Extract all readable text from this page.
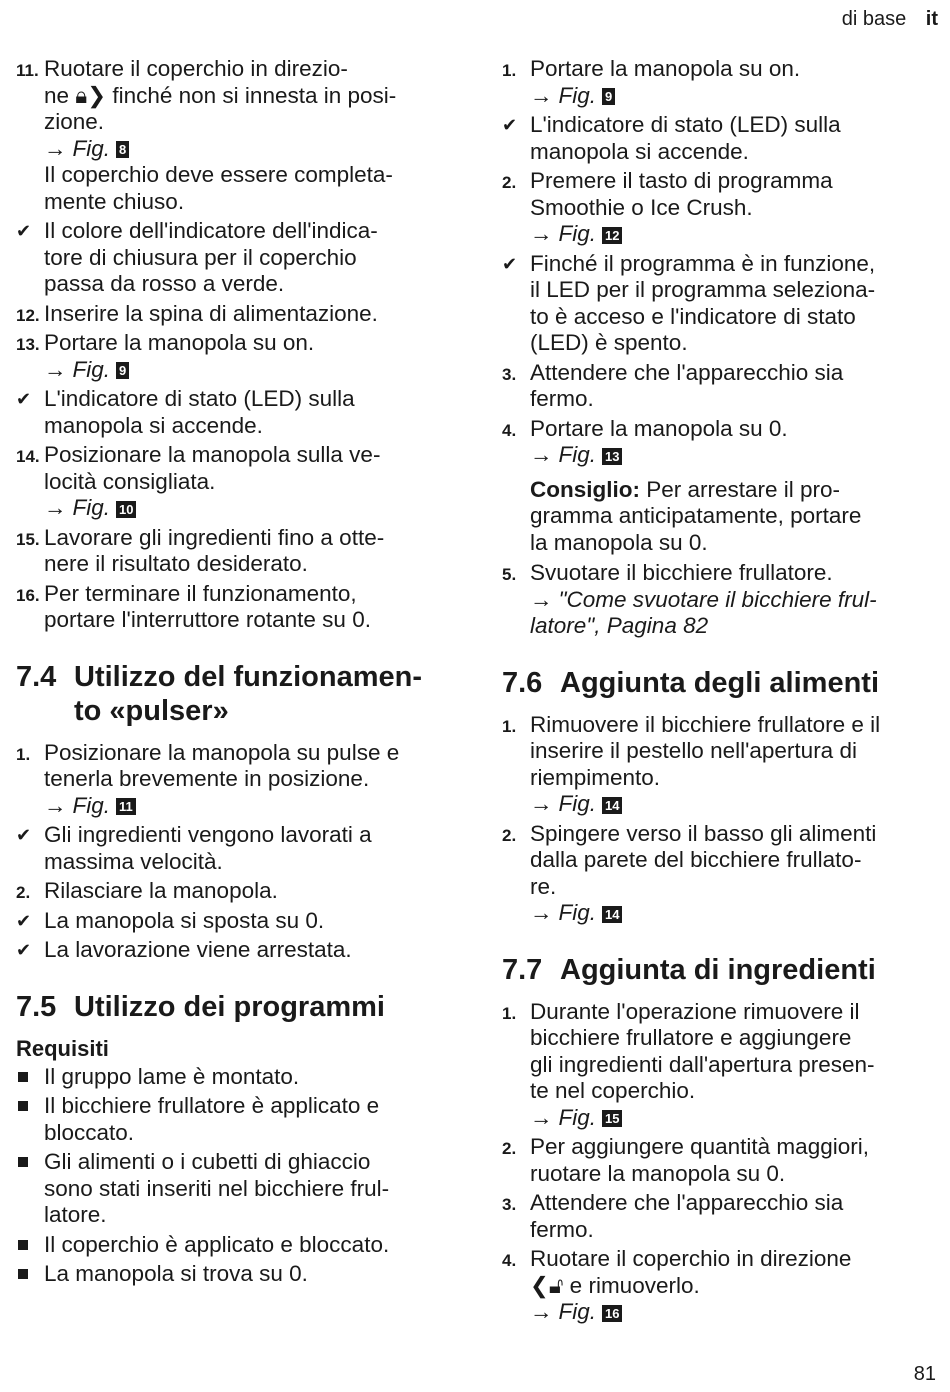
di base it
11. Ruotare il coperchio in direzio-
ne 🔒︎❯ finché non si innesta in posi-
zione.
→ Fig. 8
Il coperchio deve essere completa-
mente chiuso.
✔ Il colore dell'indicatore dell'indica-
tore di chiusura per il coperchio
passa da rosso a verde.
12. Inserire la spina di alimentazione.
13. Portare la manopola su on.
→ Fig. 9
✔ L'indicatore di stato (LED) sulla
manopola si accende.
14. Posizionare la manopola sulla ve-
locità consigliata.
→ Fig. 10
15. Lavorare gli ingredienti fino a otte-
nere il risultato desiderato.
16. Per terminare il funzionamento,
portare l'interruttore rotante su 0.
7.4 Utilizzo del funzionamen-
to «pulser»
1. Posizionare la manopola su pulse e
tenerla brevemente in posizione.
→ Fig. 11
✔ Gli ingredienti vengono lavorati a
massima velocità.
2. Rilasciare la manopola.
✔ La manopola si sposta su 0.
✔ La lavorazione viene arrestata.
7.5 Utilizzo dei programmi
Requisiti
Il gruppo lame è montato.
Il bicchiere frullatore è applicato e
bloccato.
Gli alimenti o i cubetti di ghiaccio
sono stati inseriti nel bicchiere frul-
latore.
Il coperchio è applicato e bloccato.
La manopola si trova su 0.
1. Portare la manopola su on.
→ Fig. 9
✔ L'indicatore di stato (LED) sulla
manopola si accende.
2. Premere il tasto di programma
Smoothie o Ice Crush.
→ Fig. 12
✔ Finché il programma è in funzione,
il LED per il programma seleziona-
to è acceso e l'indicatore di stato
(LED) è spento.
3. Attendere che l'apparecchio sia
fermo.
4. Portare la manopola su 0.
→ Fig. 13
Consiglio: Per arrestare il pro-
gramma anticipatamente, portare
la manopola su 0.
5. Svuotare il bicchiere frullatore.
→ "Come svuotare il bicchiere frul-
latore", Pagina 82
7.6 Aggiunta degli alimenti
1. Rimuovere il bicchiere frullatore e il
inserire il pestello nell'apertura di
riempimento.
→ Fig. 14
2. Spingere verso il basso gli alimenti
dalla parete del bicchiere frullato-
re.
→ Fig. 14
7.7 Aggiunta di ingredienti
1. Durante l'operazione rimuovere il
bicchiere frullatore e aggiungere
gli ingredienti dall'apertura presen-
te nel coperchio.
→ Fig. 15
2. Per aggiungere quantità maggiori,
ruotare la manopola su 0.
3. Attendere che l'apparecchio sia
fermo.
4. Ruotare il coperchio in direzione
❮🔓︎ e rimuoverlo.
→ Fig. 16
81
